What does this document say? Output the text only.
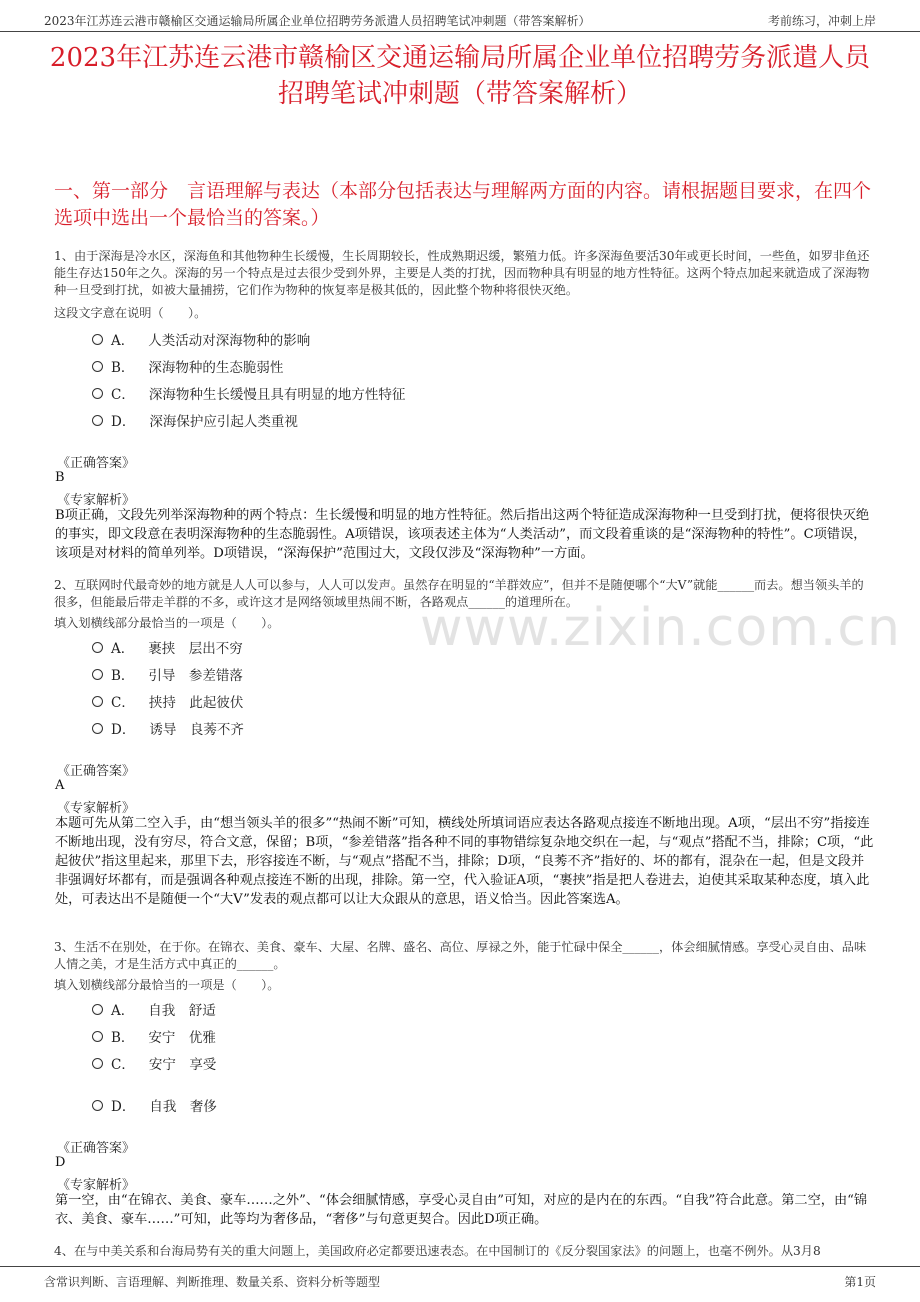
2023年江苏连云港市赣榆区交通运输局所属企业单位招聘劳务派遣人员招聘笔试冲刺题（带答案解析）	考前练习，冲刺上岸
2023年江苏连云港市赣榆区交通运输局所属企业单位招聘劳务派遣人员招聘笔试冲刺题（带答案解析）
一、第一部分　言语理解与表达（本部分包括表达与理解两方面的内容。请根据题目要求，在四个选项中选出一个最恰当的答案。）
www.zixin.com.cn
1、由于深海是冷水区，深海鱼和其他物种生长缓慢，生长周期较长，性成熟期迟缓，繁殖力低。许多深海鱼要活30年或更长时间，一些鱼，如罗非鱼还能生存达150年之久。深海的另一个特点是过去很少受到外界，主要是人类的打扰，因而物种具有明显的地方性特征。这两个特点加起来就造成了深海物种一旦受到打扰，如被大量捕捞，它们作为物种的恢复率是极其低的，因此整个物种将很快灭绝。
这段文字意在说明（　　）。
A． 人类活动对深海物种的影响
B． 深海物种的生态脆弱性
C． 深海物种生长缓慢且具有明显的地方性特征
D． 深海保护应引起人类重视
《正确答案》
B
《专家解析》
B项正确，文段先列举深海物种的两个特点：生长缓慢和明显的地方性特征。然后指出这两个特征造成深海物种一旦受到打扰，便将很快灭绝的事实，即文段意在表明深海物种的生态脆弱性。A项错误，该项表述主体为“人类活动”，而文段着重谈的是“深海物种的特性”。C项错误，该项是对材料的简单列举。D项错误，“深海保护”范围过大，文段仅涉及“深海物种”一方面。
2、互联网时代最奇妙的地方就是人人可以参与，人人可以发声。虽然存在明显的“羊群效应”，但并不是随便哪个“大V”就能______而去。想当领头羊的很多，但能最后带走羊群的不多，或许这才是网络领域里热闹不断，各路观点______的道理所在。
填入划横线部分最恰当的一项是（　　）。
A． 裹挟　层出不穷
B． 引导　参差错落
C． 挟持　此起彼伏
D． 诱导　良莠不齐
《正确答案》
A
《专家解析》
本题可先从第二空入手，由“想当领头羊的很多”“热闹不断”可知，横线处所填词语应表达各路观点接连不断地出现。A项，“层出不穷”指接连不断地出现，没有穷尽，符合文意，保留；B项，“参差错落”指各种不同的事物错综复杂地交织在一起，与“观点”搭配不当，排除；C项，“此起彼伏”指这里起来，那里下去，形容接连不断，与“观点”搭配不当，排除；D项，“良莠不齐”指好的、坏的都有，混杂在一起，但是文段并非强调好坏都有，而是强调各种观点接连不断的出现，排除。第一空，代入验证A项，“裹挟”指是把人卷进去，迫使其采取某种态度，填入此处，可表达出不是随便一个“大V”发表的观点都可以让大众跟从的意思，语义恰当。因此答案选A。
3、生活不在别处，在于你。在锦衣、美食、豪车、大屋、名牌、盛名、高位、厚禄之外，能于忙碌中保全______，体会细腻情感。享受心灵自由、品味人情之美，才是生活方式中真正的______。
填入划横线部分最恰当的一项是（　　）。
A． 自我　舒适
B． 安宁　优雅
C． 安宁　享受
D． 自我　奢侈
《正确答案》
D
《专家解析》
第一空，由“在锦衣、美食、豪车……之外”、“体会细腻情感，享受心灵自由”可知，对应的是内在的东西。“自我”符合此意。第二空，由“锦衣、美食、豪车……”可知，此等均为奢侈品，“奢侈”与句意更契合。因此D项正确。
4、在与中美关系和台海局势有关的重大问题上，美国政府必定都要迅速表态。在中国制订的《反分裂国家法》的问题上，也毫不例外。从3月8
含常识判断、言语理解、判断推理、数量关系、资料分析等题型	第1页
